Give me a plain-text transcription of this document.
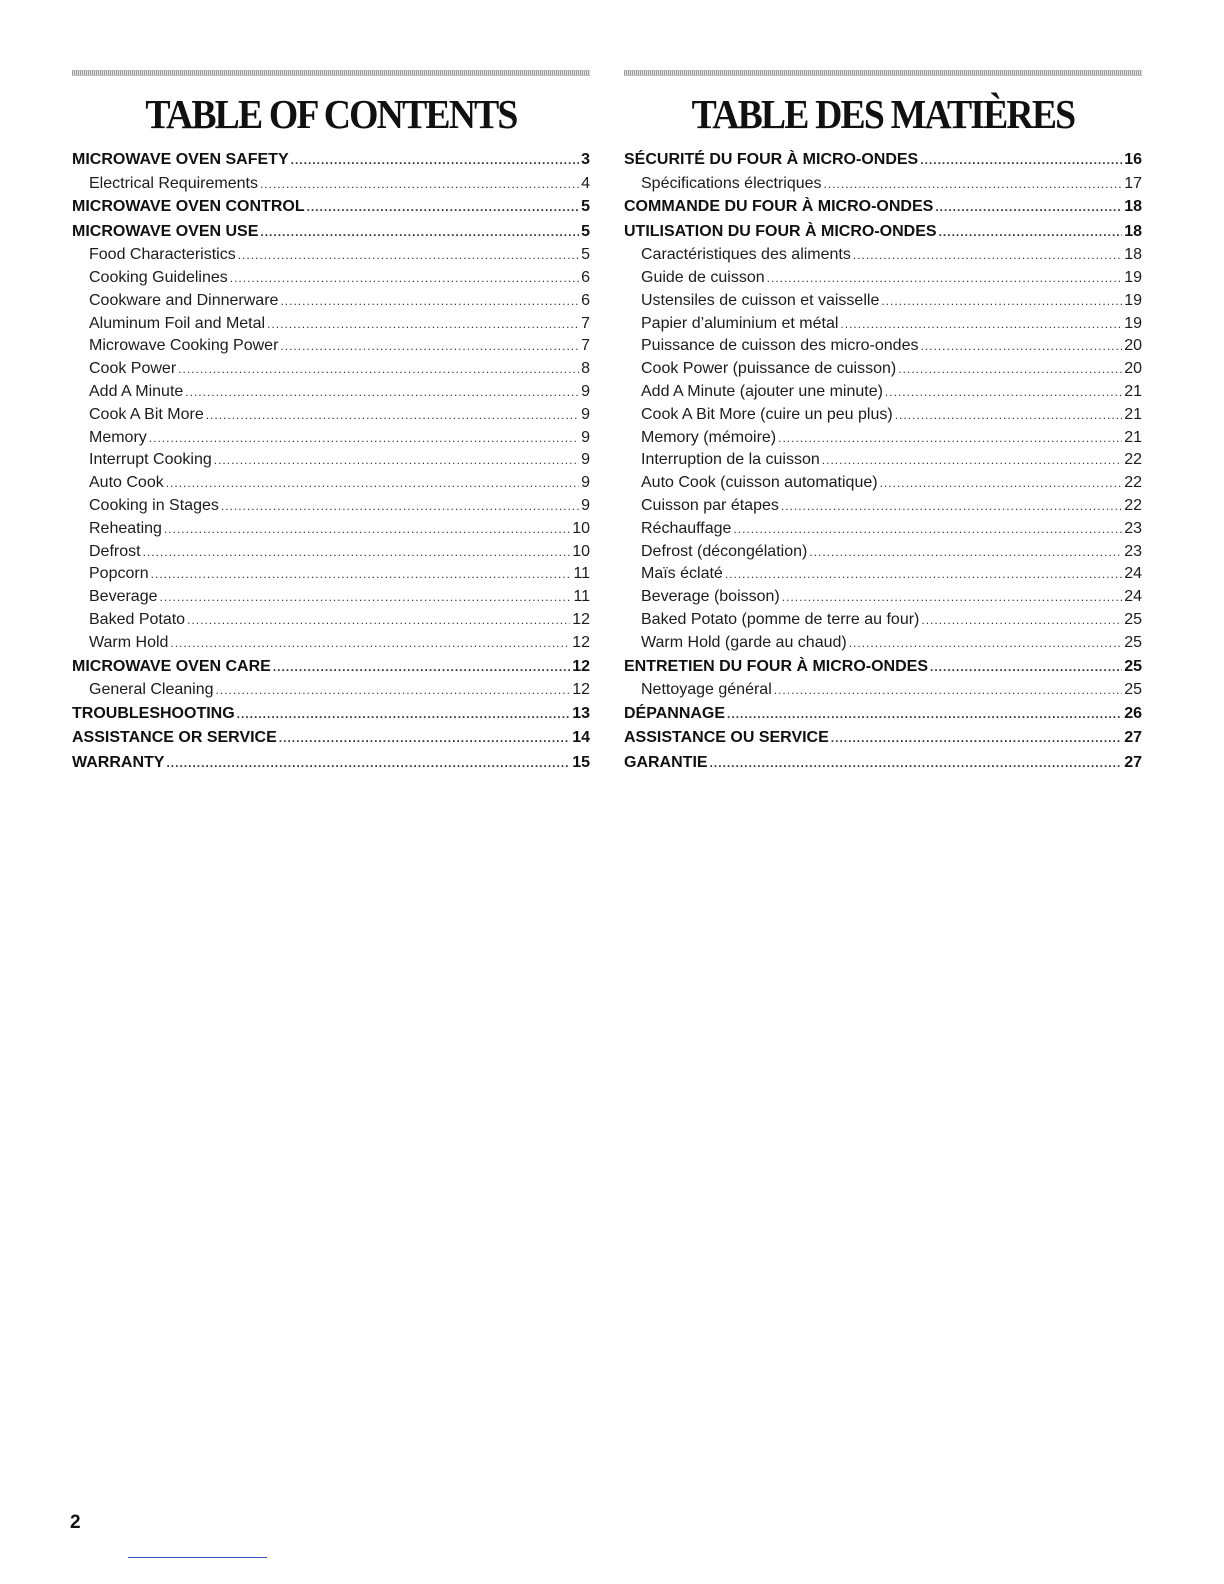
TABLE OF CONTENTS
MICROWAVE OVEN SAFETY .....	3
Electrical Requirements .....	4
MICROWAVE OVEN CONTROL .....	5
MICROWAVE OVEN USE .....	5
Food Characteristics .....	5
Cooking Guidelines .....	6
Cookware and Dinnerware .....	6
Aluminum Foil and Metal .....	7
Microwave Cooking Power .....	7
Cook Power .....	8
Add A Minute .....	9
Cook A Bit More .....	9
Memory .....	9
Interrupt Cooking .....	9
Auto Cook .....	9
Cooking in Stages .....	9
Reheating .....	10
Defrost .....	10
Popcorn .....	11
Beverage .....	11
Baked Potato .....	12
Warm Hold .....	12
MICROWAVE OVEN CARE .....	12
General Cleaning .....	12
TROUBLESHOOTING .....	13
ASSISTANCE OR SERVICE .....	14
WARRANTY .....	15
TABLE DES MATIÈRES
SÉCURITÉ DU FOUR À MICRO-ONDES .....	16
Spécifications électriques .....	17
COMMANDE DU FOUR À MICRO-ONDES .....	18
UTILISATION DU FOUR À MICRO-ONDES .....	18
Caractéristiques des aliments .....	18
Guide de cuisson .....	19
Ustensiles de cuisson et vaisselle .....	19
Papier d’aluminium et métal .....	19
Puissance de cuisson des micro-ondes .....	20
Cook Power (puissance de cuisson) .....	20
Add A Minute (ajouter une minute) .....	21
Cook A Bit More (cuire un peu plus) .....	21
Memory (mémoire) .....	21
Interruption de la cuisson .....	22
Auto Cook (cuisson automatique) .....	22
Cuisson par étapes .....	22
Réchauffage .....	23
Defrost (décongélation) .....	23
Maïs éclaté .....	24
Beverage (boisson) .....	24
Baked Potato (pomme de terre au four) .....	25
Warm Hold (garde au chaud) .....	25
ENTRETIEN DU FOUR À MICRO-ONDES .....	25
Nettoyage général .....	25
DÉPANNAGE .....	26
ASSISTANCE OU SERVICE .....	27
GARANTIE .....	27
2
